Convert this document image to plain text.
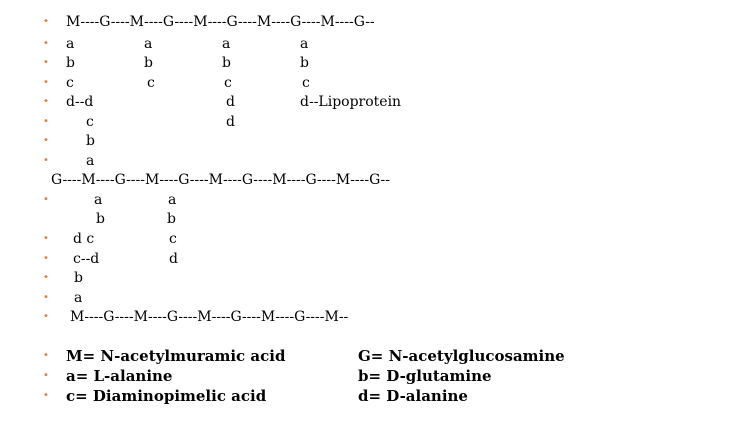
• M----G----M----G----M----G----M----G----M----G--
• a	a	a	a
• b	b	b	b
• c	c	c	c
• d--d	d	d--Lipoprotein
•	c	d
•	b
•	a
G----M----G----M----G----M----G----M----G----M----G--
•	a	a
b	b
• d c	c
• c--d	d
• b
• a
• M----G----M----G----M----G----M----G----M--
• M= N-acetylmuramic acid	G= N-acetylglucosamine
• a= L-alanine	b= D-glutamine
• c= Diaminopimelic acid	d= D-alanine
